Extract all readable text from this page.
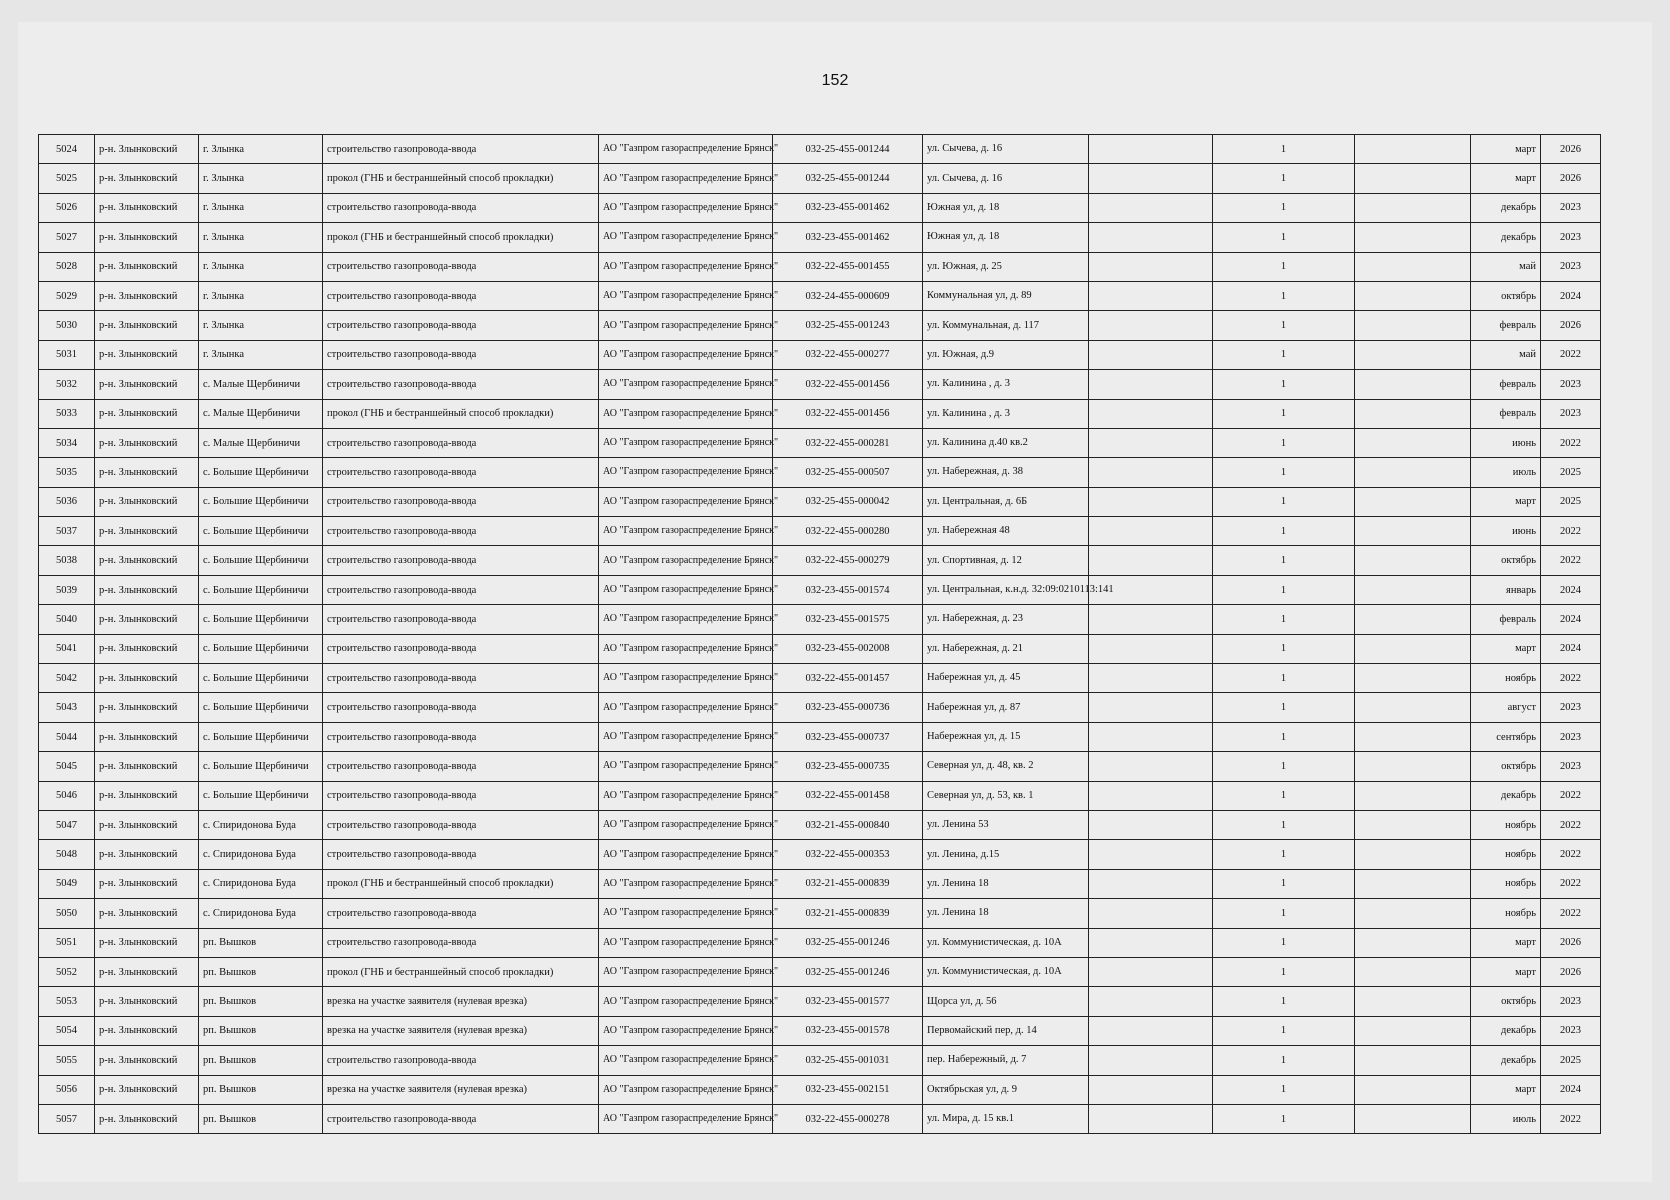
152
5024	р-н. Злынковский	г. Злынка	строительство газопровода-ввода	АО "Газпром газораспределение Брянск"	032-25-455-001244	ул. Сычева, д. 16		1		март	2026
5025	р-н. Злынковский	г. Злынка	прокол (ГНБ и бестраншейный способ прокладки)	АО "Газпром газораспределение Брянск"	032-25-455-001244	ул. Сычева, д. 16		1		март	2026
5026	р-н. Злынковский	г. Злынка	строительство газопровода-ввода	АО "Газпром газораспределение Брянск"	032-23-455-001462	Южная ул, д. 18		1		декабрь	2023
5027	р-н. Злынковский	г. Злынка	прокол (ГНБ и бестраншейный способ прокладки)	АО "Газпром газораспределение Брянск"	032-23-455-001462	Южная ул, д. 18		1		декабрь	2023
5028	р-н. Злынковский	г. Злынка	строительство газопровода-ввода	АО "Газпром газораспределение Брянск"	032-22-455-001455	ул. Южная, д. 25		1		май	2023
5029	р-н. Злынковский	г. Злынка	строительство газопровода-ввода	АО "Газпром газораспределение Брянск"	032-24-455-000609	Коммунальная ул, д. 89		1		октябрь	2024
5030	р-н. Злынковский	г. Злынка	строительство газопровода-ввода	АО "Газпром газораспределение Брянск"	032-25-455-001243	ул. Коммунальная, д. 117		1		февраль	2026
5031	р-н. Злынковский	г. Злынка	строительство газопровода-ввода	АО "Газпром газораспределение Брянск"	032-22-455-000277	ул. Южная, д.9		1		май	2022
5032	р-н. Злынковский	с. Малые Щербиничи	строительство газопровода-ввода	АО "Газпром газораспределение Брянск"	032-22-455-001456	ул. Калинина , д. 3		1		февраль	2023
5033	р-н. Злынковский	с. Малые Щербиничи	прокол (ГНБ и бестраншейный способ прокладки)	АО "Газпром газораспределение Брянск"	032-22-455-001456	ул. Калинина , д. 3		1		февраль	2023
5034	р-н. Злынковский	с. Малые Щербиничи	строительство газопровода-ввода	АО "Газпром газораспределение Брянск"	032-22-455-000281	ул. Калинина д.40 кв.2		1		июнь	2022
5035	р-н. Злынковский	с. Большие Щербиничи	строительство газопровода-ввода	АО "Газпром газораспределение Брянск"	032-25-455-000507	ул. Набережная, д. 38		1		июль	2025
5036	р-н. Злынковский	с. Большие Щербиничи	строительство газопровода-ввода	АО "Газпром газораспределение Брянск"	032-25-455-000042	ул. Центральная, д. 6Б		1		март	2025
5037	р-н. Злынковский	с. Большие Щербиничи	строительство газопровода-ввода	АО "Газпром газораспределение Брянск"	032-22-455-000280	ул. Набережная 48		1		июнь	2022
5038	р-н. Злынковский	с. Большие Щербиничи	строительство газопровода-ввода	АО "Газпром газораспределение Брянск"	032-22-455-000279	ул. Спортивная, д. 12		1		октябрь	2022
5039	р-н. Злынковский	с. Большие Щербиничи	строительство газопровода-ввода	АО "Газпром газораспределение Брянск"	032-23-455-001574	ул. Центральная, к.н.д. 32:09:0210113:141		1		январь	2024
5040	р-н. Злынковский	с. Большие Щербиничи	строительство газопровода-ввода	АО "Газпром газораспределение Брянск"	032-23-455-001575	ул. Набережная, д. 23		1		февраль	2024
5041	р-н. Злынковский	с. Большие Щербиничи	строительство газопровода-ввода	АО "Газпром газораспределение Брянск"	032-23-455-002008	ул. Набережная, д. 21		1		март	2024
5042	р-н. Злынковский	с. Большие Щербиничи	строительство газопровода-ввода	АО "Газпром газораспределение Брянск"	032-22-455-001457	Набережная ул, д. 45		1		ноябрь	2022
5043	р-н. Злынковский	с. Большие Щербиничи	строительство газопровода-ввода	АО "Газпром газораспределение Брянск"	032-23-455-000736	Набережная ул, д. 87		1		август	2023
5044	р-н. Злынковский	с. Большие Щербиничи	строительство газопровода-ввода	АО "Газпром газораспределение Брянск"	032-23-455-000737	Набережная ул, д. 15		1		сентябрь	2023
5045	р-н. Злынковский	с. Большие Щербиничи	строительство газопровода-ввода	АО "Газпром газораспределение Брянск"	032-23-455-000735	Северная ул, д. 48, кв. 2		1		октябрь	2023
5046	р-н. Злынковский	с. Большие Щербиничи	строительство газопровода-ввода	АО "Газпром газораспределение Брянск"	032-22-455-001458	Северная ул, д. 53, кв. 1		1		декабрь	2022
5047	р-н. Злынковский	с. Спиридонова Буда	строительство газопровода-ввода	АО "Газпром газораспределение Брянск"	032-21-455-000840	ул. Ленина 53		1		ноябрь	2022
5048	р-н. Злынковский	с. Спиридонова Буда	строительство газопровода-ввода	АО "Газпром газораспределение Брянск"	032-22-455-000353	ул. Ленина, д.15		1		ноябрь	2022
5049	р-н. Злынковский	с. Спиридонова Буда	прокол (ГНБ и бестраншейный способ прокладки)	АО "Газпром газораспределение Брянск"	032-21-455-000839	ул. Ленина 18		1		ноябрь	2022
5050	р-н. Злынковский	с. Спиридонова Буда	строительство газопровода-ввода	АО "Газпром газораспределение Брянск"	032-21-455-000839	ул. Ленина 18		1		ноябрь	2022
5051	р-н. Злынковский	рп. Вышков	строительство газопровода-ввода	АО "Газпром газораспределение Брянск"	032-25-455-001246	ул. Коммунистическая, д. 10А		1		март	2026
5052	р-н. Злынковский	рп. Вышков	прокол (ГНБ и бестраншейный способ прокладки)	АО "Газпром газораспределение Брянск"	032-25-455-001246	ул. Коммунистическая, д. 10А		1		март	2026
5053	р-н. Злынковский	рп. Вышков	врезка на участке заявителя (нулевая врезка)	АО "Газпром газораспределение Брянск"	032-23-455-001577	Щорса ул, д. 56		1		октябрь	2023
5054	р-н. Злынковский	рп. Вышков	врезка на участке заявителя (нулевая врезка)	АО "Газпром газораспределение Брянск"	032-23-455-001578	Первомайский пер, д. 14		1		декабрь	2023
5055	р-н. Злынковский	рп. Вышков	строительство газопровода-ввода	АО "Газпром газораспределение Брянск"	032-25-455-001031	пер. Набережный, д. 7		1		декабрь	2025
5056	р-н. Злынковский	рп. Вышков	врезка на участке заявителя (нулевая врезка)	АО "Газпром газораспределение Брянск"	032-23-455-002151	Октябрьская ул, д. 9		1		март	2024
5057	р-н. Злынковский	рп. Вышков	строительство газопровода-ввода	АО "Газпром газораспределение Брянск"	032-22-455-000278	ул. Мира, д. 15 кв.1		1		июль	2022
